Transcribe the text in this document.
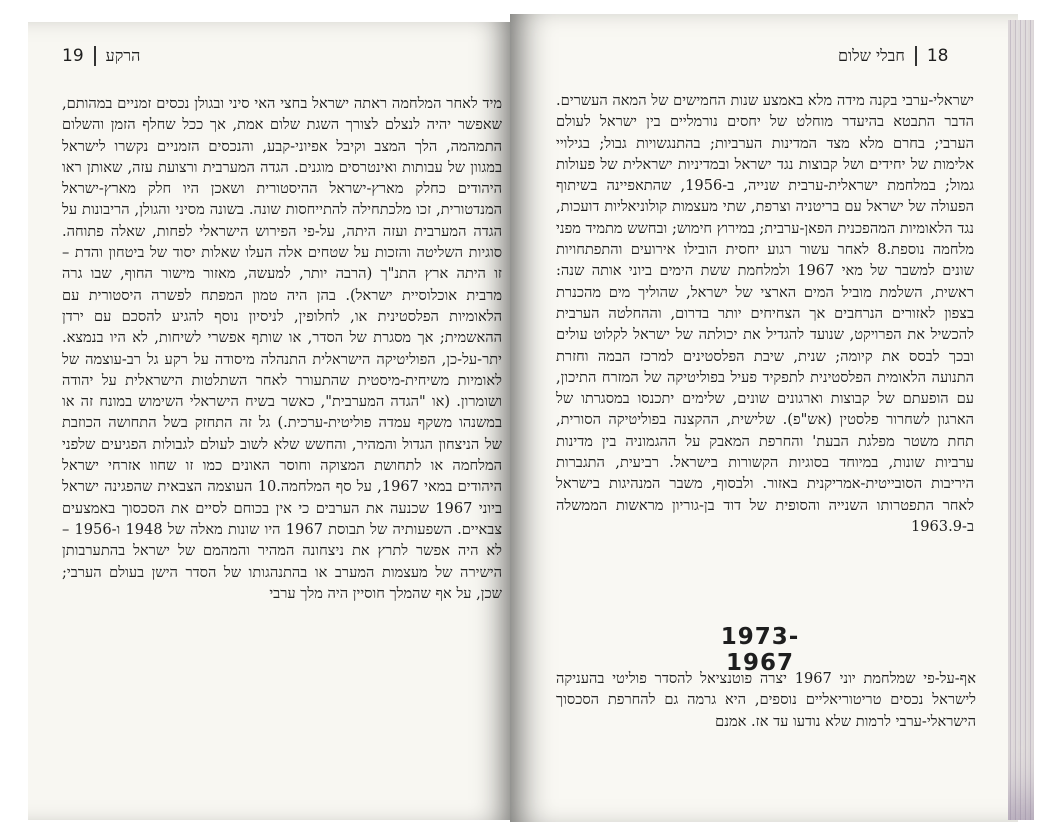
19 הרקע	18
חבלי שלום

מיד לאחר המלחמה ראתה ישראל בחצי האי סיני ובגולן נכסים זמניים במהותם, שאפשר יהיה לנצלם לצורך השגת שלום אמת, אך ככל שחלף הזמן והשלום התמהמה, הלך המצב וקיבל אפיוני-קבע, והנכסים הזמניים נקשרו לישראל במגוון של עבותות ואינטרסים מוגנים. הגדה המערבית ורצועת עזה, שאותן ראו היהודים כחלק מארץ-ישראל ההיסטורית ושאכן היו חלק מארץ-ישראל המנדטורית, זכו מלכתחילה להתייחסות שונה. בשונה מסיני והגולן, הריבונות על הגדה המערבית ועזה היתה, על-פי הפירוש הישראלי לפחות, שאלה פתוחה. סוגיות השליטה והזכות על שטחים אלה העלו שאלות יסוד של ביטחון והדת – זו היתה ארץ התנ"ך (הרבה יותר, למעשה, מאזור מישור החוף, שבו גרה מרבית אוכלוסיית ישראל). בהן היה טמון המפתח לפשרה היסטורית עם הלאומיות הפלסטינית או, לחלופין, לניסיון נוסף להגיע להסכם עם ירדן ההאשמית; אך מסגרת של הסדר, או שותף אפשרי לשיחות, לא היו בנמצא. יתר-על-כן, הפוליטיקה הישראלית התנהלה מיסודה על רקע גל רב-עוצמה של לאומיות משיחית-מיסטית שהתעורר לאחר השתלטות הישראלית על יהודה ושומרון. (או "הגדה המערבית", כאשר בשיח הישראלי השימוש במונח זה או במשנהו משקף עמדה פוליטית-ערכית.) גל זה התחזק בשל התחושה הכוזבת של הניצחון הגדול והמהיר, והחשש שלא לשוב לעולם לגבולות הפגיעים שלפני המלחמה או לתחושת המצוקה וחוסר האונים כמו זו שחוו אזרחי ישראל היהודים במאי 1967, על סף המלחמה.10 העוצמה הצבאית שהפגינה ישראל ביוני 1967 שכנעה את הערבים כי אין בכוחם לסיים את הסכסוך באמצעים צבאיים. השפעותיה של תבוסת 1967 היו שונות מאלה של 1948 ו-1956 – לא היה אפשר לתרץ את ניצחונה המהיר והמהמם של ישראל בהתערבותן הישירה של מעצמות המערב או בהתנהגותו של הסדר הישן בעולם הערבי; שכן, על אף שהמלך חוסיין היה מלך ערבי

ישראלי-ערבי בקנה מידה מלא באמצע שנות החמישים של המאה העשרים. הדבר התבטא בהיעדר מוחלט של יחסים נורמליים בין ישראל לעולם הערבי; בחרם מלא מצד המדינות הערביות; בהתנגשויות גבול; בגילויי אלימות של יחידים ושל קבוצות נגד ישראל ובמדיניות ישראלית של פעולות גמול; במלחמת ישראלית-ערבית שנייה, ב-1956, שהתאפיינה בשיתוף הפעולה של ישראל עם בריטניה וצרפת, שתי מעצמות קולוניאליות דועכות, נגד הלאומיות המהפכנית הפאן-ערבית; במירוץ חימוש; ובחשש מתמיד מפני מלחמה נוספת.8 לאחר עשור רגוע יחסית הובילו אירועים והתפתחויות שונים למשבר של מאי 1967 ולמלחמת ששת הימים ביוני אותה שנה: ראשית, השלמת מוביל המים הארצי של ישראל, שהוליך מים מהכנרת בצפון לאזורים הנרחבים אך הצחיחים יותר בדרום, וההחלטה הערבית להכשיל את הפרויקט, שנועד להגדיל את יכולתה של ישראל לקלוט עולים ובכך לבסס את קיומה; שנית, שיבת הפלסטינים למרכז הבמה וחזרת התנועה הלאומית הפלסטינית לתפקיד פעיל בפוליטיקה של המזרח התיכון, עם הופעתם של קבוצות וארגונים שונים, שלימים יתכנסו במסגרתו של הארגון לשחרור פלסטין (אש"פ). שלישית, ההקצנה בפוליטיקה הסורית, תחת משטר מפלגת הבעת' והחרפת המאבק על ההגמוניה בין מדינות ערביות שונות, במיוחד בסוגיות הקשורות בישראל. רביעית, התגברות היריבות הסובייטית-אמריקנית באזור. ולבסוף, משבר המנהיגות בישראל לאחר התפטרותו השנייה והסופית של דוד בן-גוריון מראשות הממשלה ב-1963.9

1973-1967

אף-על-פי שמלחמת יוני 1967 יצרה פוטנציאל להסדר פוליטי בהעניקה לישראל נכסים טריטוריאליים נוספים, היא גרמה גם להחרפת הסכסוך הישראלי-ערבי לרמות שלא נודעו עד אז. אמנם
